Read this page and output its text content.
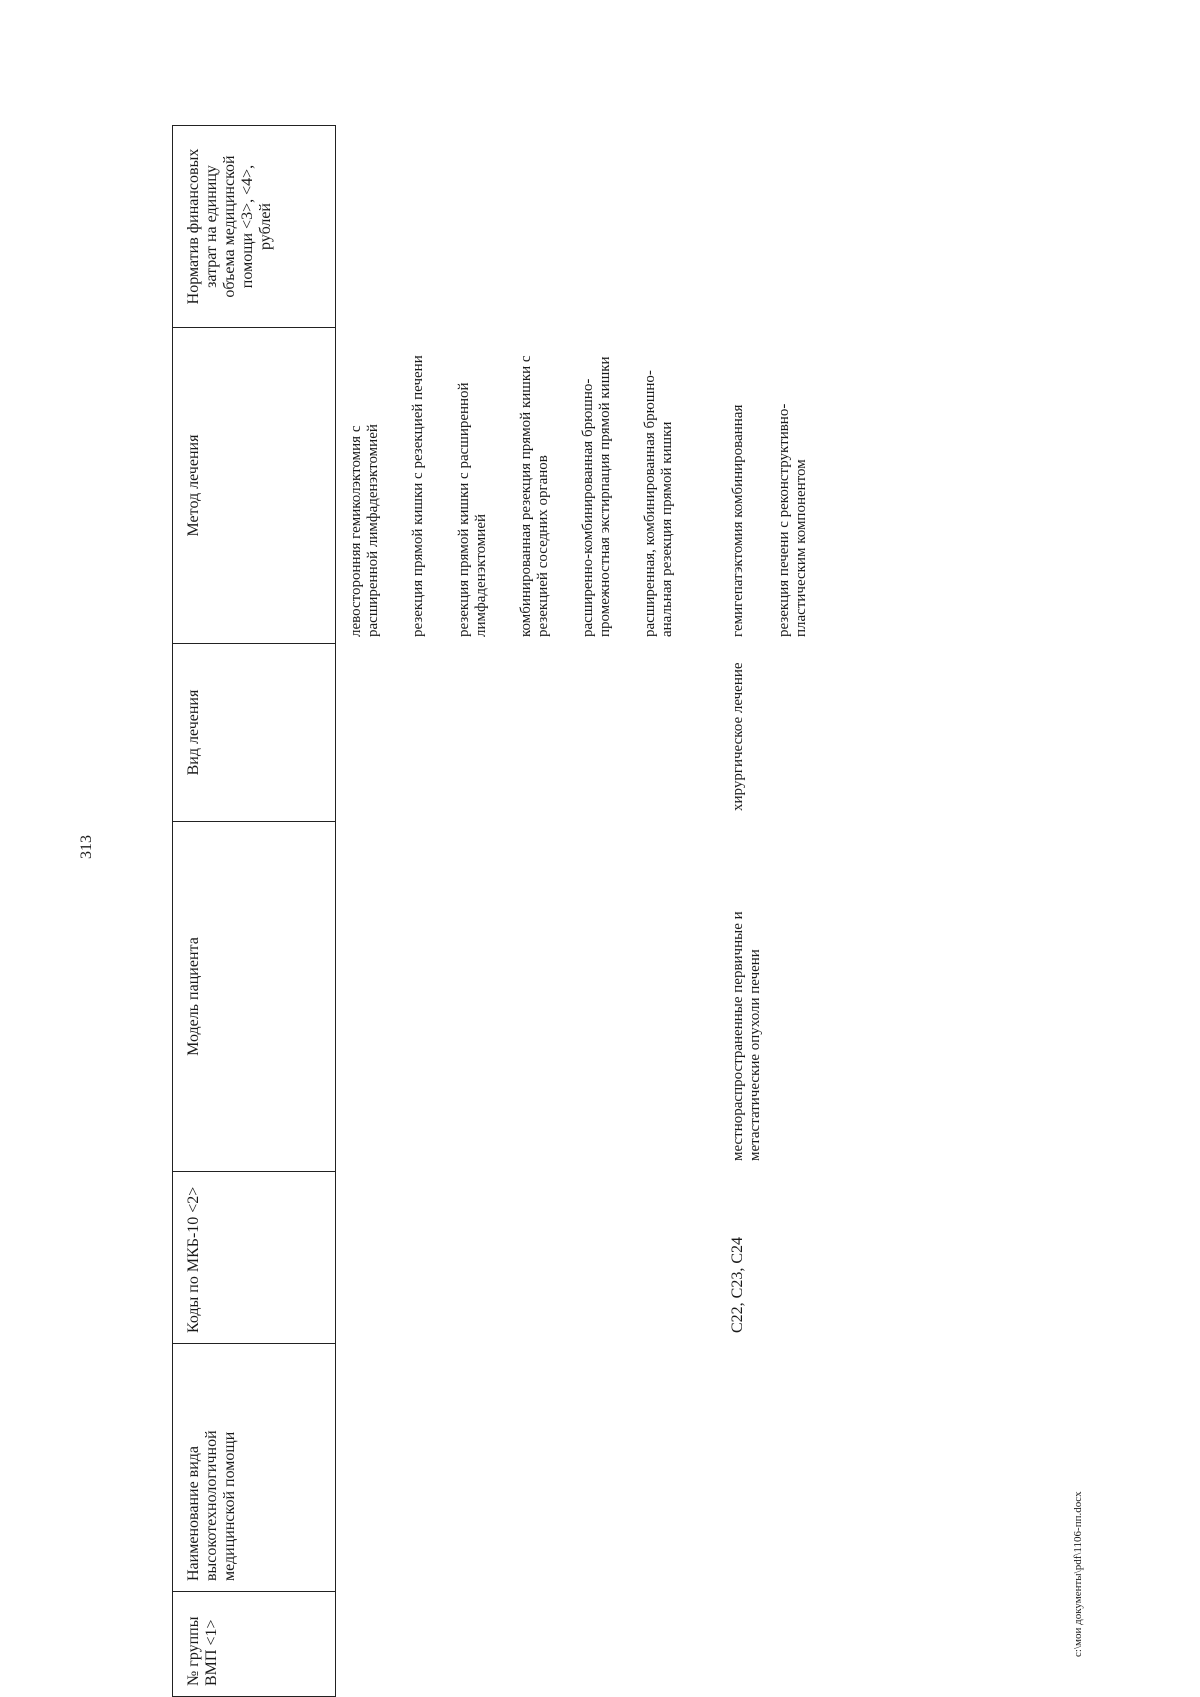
313
№ группы ВМП <1>
Наименование вида высокотехнологичной медицинской помощи
Коды по МКБ-10 <2>
Модель пациента
Вид лечения
Метод лечения
Норматив финансовых затрат на единицу объема медицинской помощи <3>, <4>, рублей
левосторонняя гемиколэктомия с расширенной лимфаденэктомией резекция прямой кишки с резекцией печени резекция прямой кишки с расширенной лимфаденэктомией комбинированная резекция прямой кишки с резекцией соседних органов расширенно-комбинированная брюшно-промежностная экстирпация прямой кишки расширенная, комбинированная брюшно-анальная резекция прямой кишки
C22, C23, C24
местнораспространенные первичные и метастатические опухоли печени
хирургическое лечение
гемигепатэктомия комбинированная резекция печени с реконструктивно-пластическим компонентом
c:\мои документы\pdf\1106-пп.docx
